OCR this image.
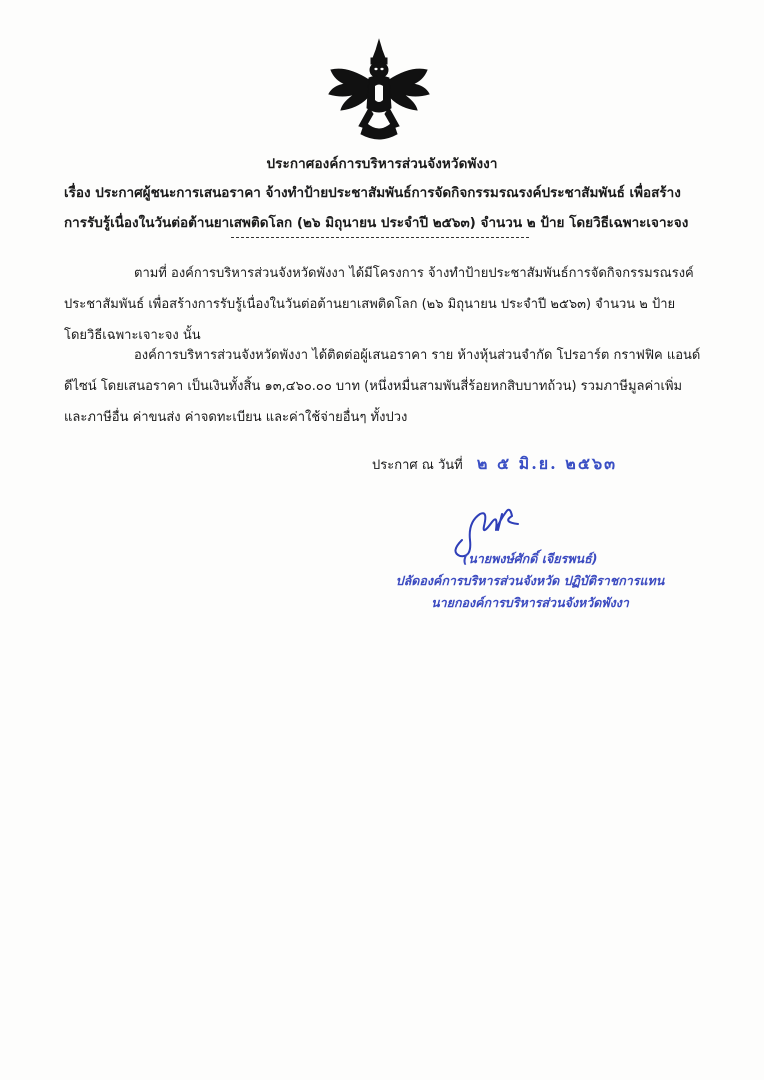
ประกาศองค์การบริหารส่วนจังหวัดพังงา
เรื่อง ประกาศผู้ชนะการเสนอราคา จ้างทำป้ายประชาสัมพันธ์การจัดกิจกรรมรณรงค์ประชาสัมพันธ์ เพื่อสร้าง
การรับรู้เนื่องในวันต่อต้านยาเสพติดโลก (๒๖ มิถุนายน ประจำปี ๒๕๖๓) จำนวน ๒ ป้าย โดยวิธีเฉพาะเจาะจง
ตามที่ องค์การบริหารส่วนจังหวัดพังงา ได้มีโครงการ จ้างทำป้ายประชาสัมพันธ์การจัดกิจกรรมรณรงค์
ประชาสัมพันธ์ เพื่อสร้างการรับรู้เนื่องในวันต่อต้านยาเสพติดโลก (๒๖ มิถุนายน ประจำปี ๒๕๖๓) จำนวน ๒ ป้าย
โดยวิธีเฉพาะเจาะจง นั้น
องค์การบริหารส่วนจังหวัดพังงา ได้ติดต่อผู้เสนอราคา ราย ห้างหุ้นส่วนจำกัด โปรอาร์ต กราฟฟิค แอนด์
ดีไซน์ โดยเสนอราคา เป็นเงินทั้งสิ้น ๑๓,๔๖๐.๐๐ บาท (หนึ่งหมื่นสามพันสี่ร้อยหกสิบบาทถ้วน) รวมภาษีมูลค่าเพิ่ม
และภาษีอื่น ค่าขนส่ง ค่าจดทะเบียน และค่าใช้จ่ายอื่นๆ ทั้งปวง
ประกาศ ณ วันที่ ๒ ๕ มิ.ย. ๒๕๖๓
(นายพงษ์ศักดิ์ เจียรพนธ์)
ปลัดองค์การบริหารส่วนจังหวัด ปฏิบัติราชการแทน
นายกองค์การบริหารส่วนจังหวัดพังงา
